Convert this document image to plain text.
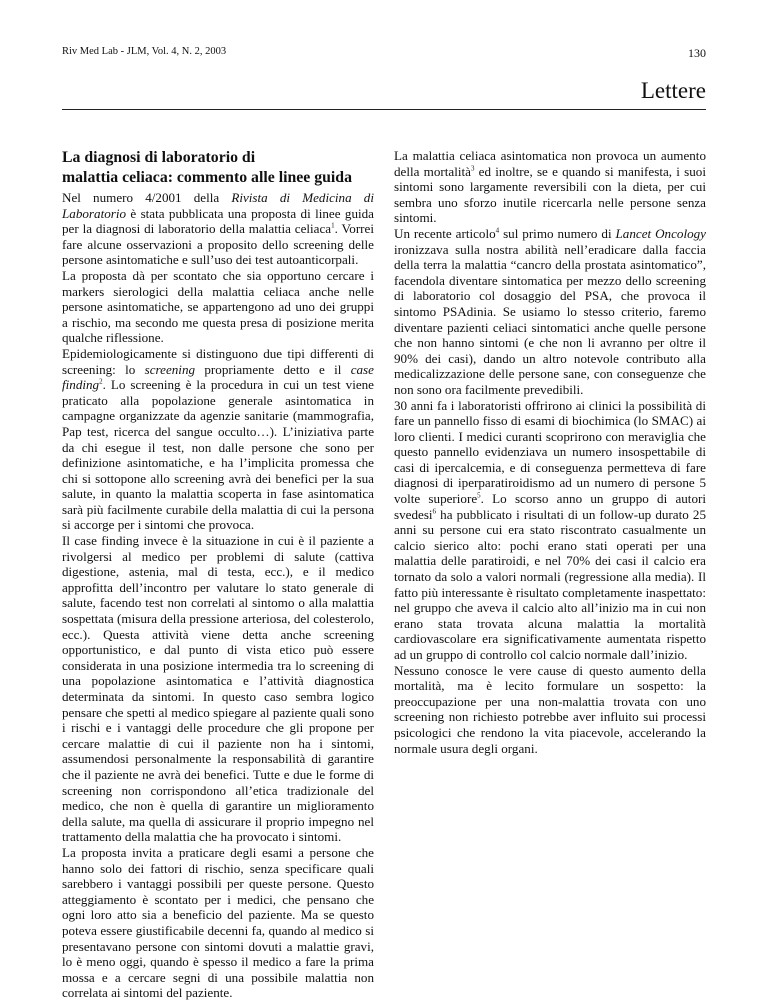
Riv Med Lab - JLM, Vol. 4, N. 2, 2003	130
Lettere
La diagnosi di laboratorio di
malattia celiaca: commento alle linee guida

Nel numero 4/2001 della Rivista di Medicina di Laboratorio è stata pubblicata una proposta di linee guida per la diagnosi di laboratorio della malattia celiaca$^1$. Vorrei fare alcune osservazioni a proposito dello screening delle persone asintomatiche e sull’uso dei test autoanticorpali.

La proposta dà per scontato che sia opportuno cercare i markers sierologici della malattia celiaca anche nelle persone asintomatiche, se appartengono ad uno dei gruppi a rischio, ma secondo me questa presa di posizione merita qualche riflessione.

Epidemiologicamente si distinguono due tipi differenti di screening: lo screening propriamente detto e il case finding$^2$. Lo screening è la procedura in cui un test viene praticato alla popolazione generale asintomatica in campagne organizzate da agenzie sanitarie (mammografia, Pap test, ricerca del sangue occulto…). L’iniziativa parte da chi esegue il test, non dalle persone che sono per definizione asintomatiche, e ha l’implicita promessa che chi si sottopone allo screening avrà dei benefici per la sua salute, in quanto la malattia scoperta in fase asintomatica sarà più facilmente curabile della malattia di cui la persona si accorge per i sintomi che provoca.

Il case finding invece è la situazione in cui è il paziente a rivolgersi al medico per problemi di salute (cattiva digestione, astenia, mal di testa, ecc.), e il medico approfitta dell’incontro per valutare lo stato generale di salute, facendo test non correlati al sintomo o alla malattia sospettata (misura della pressione arteriosa, del colesterolo, ecc.). Questa attività viene detta anche screening opportunistico, e dal punto di vista etico può essere considerata in una posizione intermedia tra lo screening di una popolazione asintomatica e l’attività diagnostica determinata da sintomi. In questo caso sembra logico pensare che spetti al medico spiegare al paziente quali sono i rischi e i vantaggi delle procedure che gli propone per cercare malattie di cui il paziente non ha i sintomi, assumendosi personalmente la responsabilità di garantire che il paziente ne avrà dei benefici. Tutte e due le forme di screening non corrispondono all’etica tradizionale del medico, che non è quella di garantire un miglioramento della salute, ma quella di assicurare il proprio impegno nel trattamento della malattia che ha provocato i sintomi.

La proposta invita a praticare degli esami a persone che hanno solo dei fattori di rischio, senza specificare quali sarebbero i vantaggi possibili per queste persone. Questo atteggiamento è scontato per i medici, che pensano che ogni loro atto sia a beneficio del paziente. Ma se questo poteva essere giustificabile decenni fa, quando al medico si presentavano persone con sintomi dovuti a malattie gravi, lo è meno oggi, quando è spesso il medico a fare la prima mossa e a cercare segni di una possibile malattia non correlata ai sintomi del paziente.

La malattia celiaca asintomatica non provoca un aumento della mortalità$^3$ ed inoltre, se e quando si manifesta, i suoi sintomi sono largamente reversibili con la dieta, per cui sembra uno sforzo inutile ricercarla nelle persone senza sintomi.

Un recente articolo$^4$ sul primo numero di Lancet Oncology ironizzava sulla nostra abilità nell’eradicare dalla faccia della terra la malattia “cancro della prostata asintomatico”, facendola diventare sintomatica per mezzo dello screening di laboratorio col dosaggio del PSA, che provoca il sintomo PSAdinia. Se usiamo lo stesso criterio, faremo diventare pazienti celiaci sintomatici anche quelle persone che non hanno sintomi (e che non li avranno per oltre il 90% dei casi), dando un altro notevole contributo alla medicalizzazione delle persone sane, con conseguenze che non sono ora facilmente prevedibili.

30 anni fa i laboratoristi offrirono ai clinici la possibilità di fare un pannello fisso di esami di biochimica (lo SMAC) ai loro clienti. I medici curanti scoprirono con meraviglia che questo pannello evidenziava un numero insospettabile di casi di ipercalcemia, e di conseguenza permetteva di fare diagnosi di iperparatiroidismo ad un numero di persone 5 volte superiore$^5$. Lo scorso anno un gruppo di autori svedesi$^6$ ha pubblicato i risultati di un follow-up durato 25 anni su persone cui era stato riscontrato casualmente un calcio sierico alto: pochi erano stati operati per una malattia delle paratiroidi, e nel 70% dei casi il calcio era tornato da solo a valori normali (regressione alla media). Il fatto più interessante è risultato completamente inaspettato: nel gruppo che aveva il calcio alto all’inizio ma in cui non erano stata trovata alcuna malattia la mortalità cardiovascolare era significativamente aumentata rispetto ad un gruppo di controllo col calcio normale dall’inizio.

Nessuno conosce le vere cause di questo aumento della mortalità, ma è lecito formulare un sospetto: la preoccupazione per una non-malattia trovata con uno screening non richiesto potrebbe aver influito sui processi psicologici che rendono la vita piacevole, accelerando la normale usura degli organi.
